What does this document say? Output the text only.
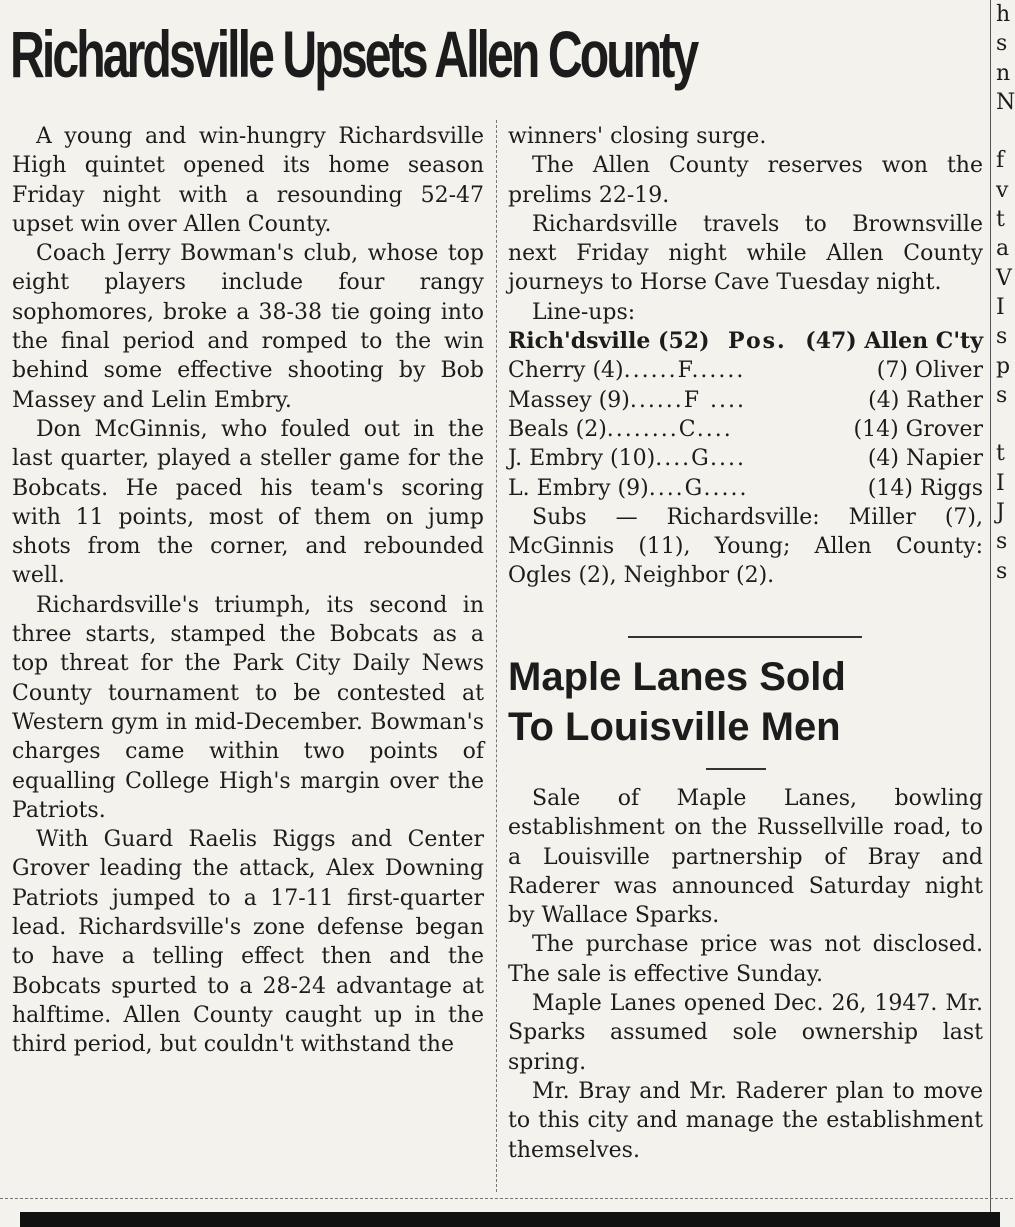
Richardsville Upsets Allen County

A young and win-hungry Richardsville High quintet opened its home season Friday night with a resounding 52-47 upset win over Allen County.

Coach Jerry Bowman's club, whose top eight players include four rangy sophomores, broke a 38-38 tie going into the final period and romped to the win behind some effective shooting by Bob Massey and Lelin Embry.

Don McGinnis, who fouled out in the last quarter, played a steller game for the Bobcats. He paced his team's scoring with 11 points, most of them on jump shots from the corner, and rebounded well.

Richardsville's triumph, its second in three starts, stamped the Bobcats as a top threat for the Park City Daily News County tournament to be contested at Western gym in mid-December. Bowman's charges came within two points of equalling College High's margin over the Patriots.

With Guard Raelis Riggs and Center Grover leading the attack, Alex Downing Patriots jumped to a 17-11 first-quarter lead. Richardsville's zone defense began to have a telling effect then and the Bobcats spurted to a 28-24 advantage at halftime. Allen County caught up in the third period, but couldn't withstand the

winners' closing surge.

The Allen County reserves won the prelims 22-19.

Richardsville travels to Brownsville next Friday night while Allen County journeys to Horse Cave Tuesday night.

Line-ups:

Rich'dsville (52) Pos. (47) Allen C'ty
Cherry (4) ......F......	(7) Oliver
Massey (9) ......F ....	(4) Rather
Beals (2) ........C....	(14) Grover
J. Embry (10) ....G....	(4) Napier
L. Embry (9) ....G.....	(14) Riggs

Subs — Richardsville: Miller (7), McGinnis (11), Young; Allen County: Ogles (2), Neighbor (2).

Maple Lanes Sold
To Louisville Men

Sale of Maple Lanes, bowling establishment on the Russellville road, to a Louisville partnership of Bray and Raderer was announced Saturday night by Wallace Sparks.

The purchase price was not disclosed. The sale is effective Sunday.

Maple Lanes opened Dec. 26, 1947. Mr. Sparks assumed sole ownership last spring.

Mr. Bray and Mr. Raderer plan to move to this city and manage the establishment themselves.

h
s
n
N

f
v
t
a
V
I
s
p
s

t
I
J
s
s
